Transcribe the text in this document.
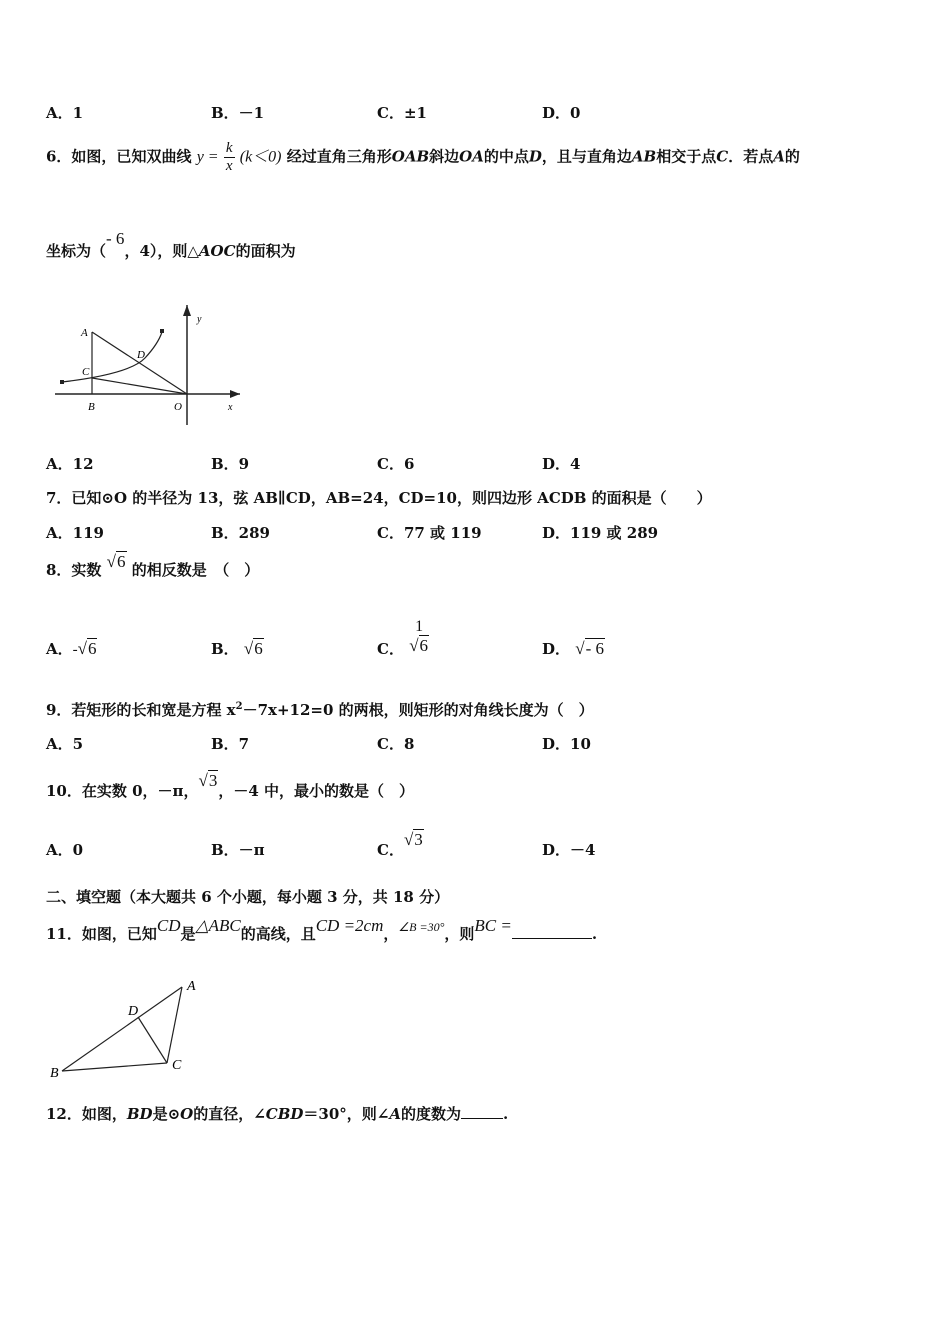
A．1	B．－1	C．±1	D．0
6．如图，已知双曲线 $y = \frac{k}{x} (k<0)$ 经过直角三角形OAB斜边OA的中点D，且与直角边AB相交于点C．若点A的
坐标为（- 6，4），则△AOC的面积为
A
C
D
B	O	x
y
A．12	B．9	C．6	D．4
7．已知⊙O 的半径为 13，弦 AB∥CD，AB=24，CD=10，则四边形 ACDB 的面积是（　　）
A．119	B．289	C．77 或 119	D．119 或 289
8．实数 √6 的相反数是　（　）
A．-√6	B． √6	C．
1
√6	D． √- 6
9．若矩形的长和宽是方程 $x^2-7x+12=0$ 的两根，则矩形的对角线长度为（　）
A．5	B．7	C．8	D．10
10．在实数 0，－π，√3，－4 中，最小的数是（　）
A．0	B．－π	C．√3
D．－4
二、填空题（本大题共 6 个小题，每小题 3 分，共 18 分）
11．如图，已知CD是△ABC的高线，且CD =2cm，$^{\angle B =30^\circ}$，则BC =	.
A
B
C
D
12．如图，BD是⊙O的直径，∠CBD＝30°，则∠A的度数为	.
